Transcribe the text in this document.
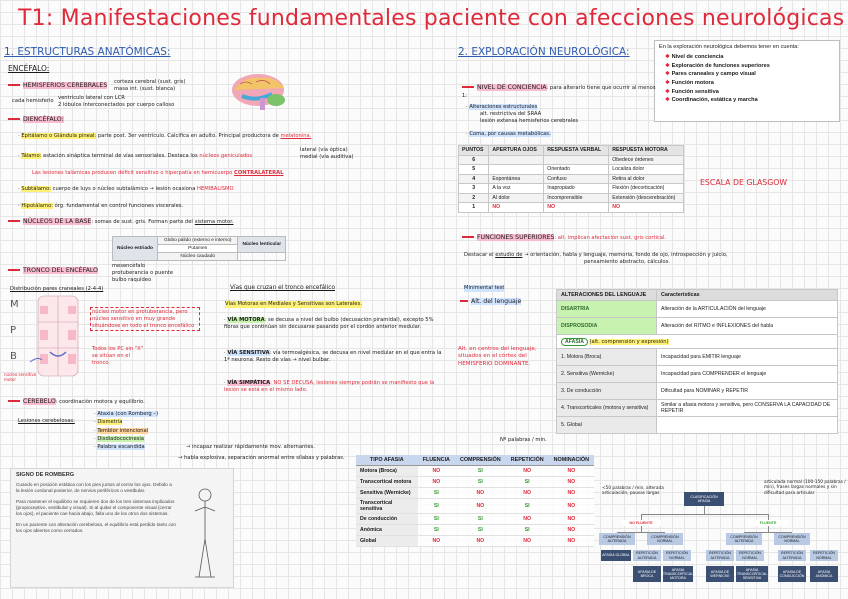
T1: Manifestaciones fundamentales paciente con afecciones neurológicas
1. ESTRUCTURAS ANATÓMICAS:
ENCÉFALO:
HEMISFERIOS CEREBRALES corteza cerebral (sust. gris)
masa int. (sust. blanca)
cada hemisferio ventrículo lateral con LCR
2 lóbulos interconectados por cuerpo calloso
DIENCÉFALO:
· Epitálamo o Glándula pineal: parte post. 3er ventrículo. Calcifica en adulto. Principal productora de melatonina.
· Tálamo: estación sináptica terminal de vías sensoriales. Destaca los núcleos geniculados
lateral (vía óptica)
medial (vía auditiva)
Las lesiones talámicas producen déficit sensitivo o hiperpatía en hemicuerpo CONTRALATERAL
· Subtálamo: cuerpo de luys o núcleo subtalámico → lesión ocasiona HEMIBALISMO
· Hipotálamo: órg. fundamental en control funciones viscerales.
NÚCLEOS DE LA BASE: somas de sust. gris. Forman parte del sistema motor.
Núcleo estriado	Globo pálido (externo e interno)	Núcleo lenticular
	Putamen	
	Núcleo caudado	
TRONCO DEL ENCÉFALO
mesencéfalo
protuberancia o puente
bulbo raquídeo
Distribución pares craneales (2-4-4)
M
P
B
núcleo motor en protuberancia, pero núcleo sensitivo en muy grande situándose en todo el tronco encefálico
Todos los PC sin "X" se sitúan en el tronco.
núcleo sensitivo motor
Vías que cruzan el tronco encefálico
Vías Motoras en Mediales y Sensitivas son Laterales.
· VÍA MOTORA: se decusa a nivel del bulbo (decusación piramidal), excepto 5% fibras que continúan sin decusarse pasando por el cordón anterior medular.
· VÍA SENSITIVA: vía termoalgésica, se decusa en nivel medular en el que entra la 1ª neurona. Resto de vías → nivel bulbar.
· VÍA SIMPÁTICA: NO SE DECUSA, lesiones siempre podrán se manifiesto que la lesión se está en el mismo lado.
CEREBELO: coordinación motora y equilibrio.
Lesiones cerebelosas:
· Ataxia (con Romberg –)
· Dismetría
· Temblor intencional
· Disdiadococinesia
· Palabra escandida	→ incapaz realizar rápidamente mov. alternantes.
→ habla explosiva, separación anormal entre sílabas y palabras.
SIGNO DE ROMBERG
Cuando en posición estática con los pies juntos al cerrar los ojos. Debido a la lesión cordonal posterior, de nervios periféricos o vestibular.
Para mantener el equilibrio se requieren dos de los tres sistemas implicados (propioceptivo, vestibular y visual). Si al quitar el componente visual (cerrar los ojos), el paciente cae hacia abajo, falla uno de los otros dos sistemas.
En un paciente con alteración cerebelosa, el equilibrio está perdido tanto con los ojos abiertos como cerrados.
2. EXPLORACIÓN NEUROLÓGICA:	En la exploración neurológica debemos tener en cuenta:
❖ Nivel de conciencia
❖ Exploración de funciones superiores
❖ Pares craneales y campo visual
❖ Función motora
❖ Función sensitiva
❖ Coordinación, estática y marcha
NIVEL DE CONCIENCIA: para alterarlo tiene que ocurrir al menos 1:
· Alteraciones estructurales
alt. restrictiva del SRAA
lesión extensa hemisferios cerebrales
· Coma, por causas metabólicas.
PUNTOS	APERTURA OJOS	RESPUESTA VERBAL	RESPUESTA MOTORA
6			Obedece órdenes
5		Orientado	Localiza dolor
4	Espontánea	Confuso	Retira al dolor
3	A la voz	Inapropiado	Flexión (decorticación)
2	Al dolor	Incomprensible	Extensión (descerebración)
1	NO	NO	NO
ESCALA DE GLASGOW
FUNCIONES SUPERIORES: alt. implican afectación sust. gris cortical.
Destacar el estudio de → orientación, habla y lenguaje, memoria, fondo de ojo, introspección y juicio,
pensamiento abstracto, cálculos.
Minimental test
Alt. del lenguaje
Alt. en centros del lenguaje, situados en el córtex del HEMISFERIO DOMINANTE.
ALTERACIONES DEL LENGUAJE	Características
DISARTRIA	Alteración de la ARTICULACIÓN del lenguaje
DISPROSODIA	Alteración del RITMO e INFLEXIONES del habla
AFASIA (alt. comprensión y expresión)	
1. Motora (Broca)	Incapacidad para EMITIR lenguaje
2. Sensitiva (Wernicke)	Incapacidad para COMPRENDER el lenguaje
3. De conducción	Dificultad para NOMINAR y REPETIR
4. Transcorticales (motora y sensitiva)	Similar a afasia motora y sensitiva, pero CONSERVA LA CAPACIDAD DE REPETIR
5. Global	
Nº palabras / min.
TIPO AFASIA	FLUENCIA	COMPRENSIÓN	REPETICIÓN	NOMINACIÓN
Motora (Broca)	NO	SI	NO	NO
Transcortical motora	NO	SI	SI	NO
Sensitiva (Wernicke)	SI	NO	NO	NO
Transcortical sensitiva	SI	NO	SI	NO
De conducción	SI	SI	NO	NO
Anómica	SI	SI	SI	NO
Global	NO	NO	NO	NO
<50 palabras / min, alterada articulación, pausas largas
articulada normal (100-150 palabras / min), frases largas normales y sin dificultad para articular
CLASIFICACIÓN AFASIA
NO FLUENTE	FLUENTE
COMPRENSIÓN ALTERADA
COMPRENSIÓN NORMAL
COMPRENSIÓN ALTERADA
COMPRENSIÓN NORMAL
AFASIA GLOBAL
REPETICIÓN ALTERADA
REPETICIÓN NORMAL
REPETICIÓN ALTERADA
REPETICIÓN NORMAL
REPETICIÓN ALTERADA
REPETICIÓN NORMAL
AFASIA DE BROCA
AFASIA TRANSCORTICAL MOTORA
AFASIA DE WERNICKE
AFASIA TRANSCORTICAL SENSITIVA
AFASIA DE CONDUCCIÓN
AFASIA ANÓMICA
